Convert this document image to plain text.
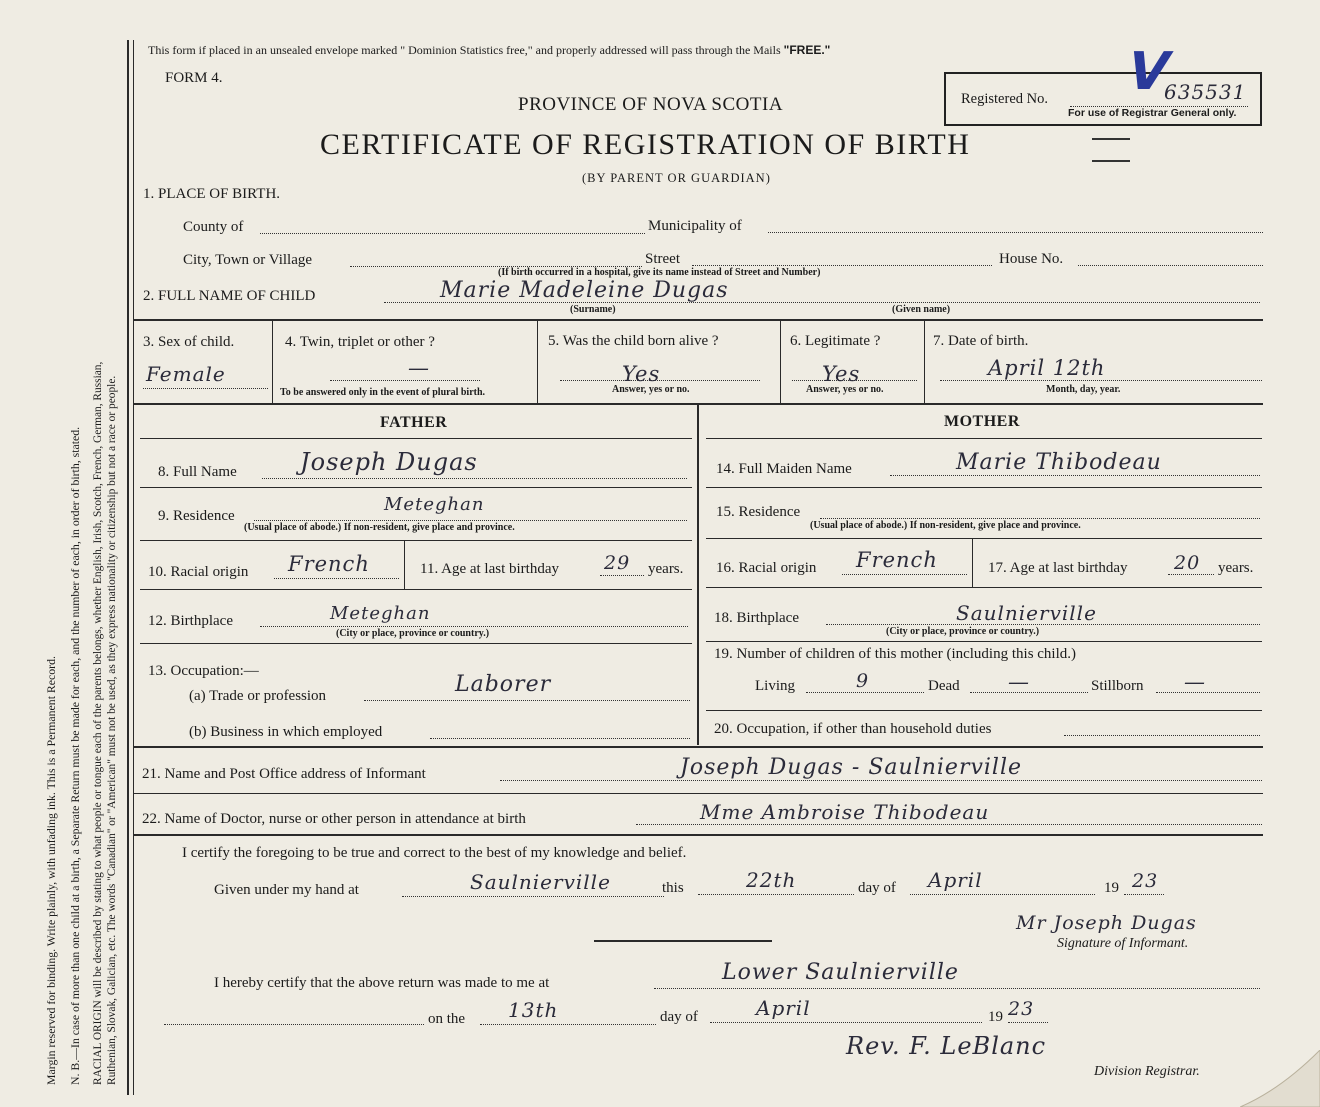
Margin reserved for binding. Write plainly, with unfading ink. This is a Permanent Record. N. B.—In case of more than one child at a birth, a Separate Return must be made for each, and the number of each, in order of birth, stated. RACIAL ORIGIN will be described by stating to what people or tongue each of the parents belongs, whether English, Irish, Scotch, French, German, Russian, Ruthenian, Slovak, Galician, etc. The words "Canadian" or "American" must not be used, as they express nationality or citizenship but not a race or people.
This form if placed in an unsealed envelope marked " Dominion Statistics free," and properly addressed will pass through the Mails "FREE."
FORM 4.
PROVINCE OF NOVA SCOTIA
CERTIFICATE OF REGISTRATION OF BIRTH
(BY PARENT OR GUARDIAN)
Registered No.
For use of Registrar General only.
V
635531
1. PLACE OF BIRTH.
County of	Municipality of
City, Town or Village	Street	House No.
(If birth occurred in a hospital, give its name instead of Street and Number)
2. FULL NAME OF CHILD	Marie Madeleine Dugas
(Surname)	(Given name)
3. Sex of child.
Female
4. Twin, triplet or other ?
—
To be answered only in the event of plural birth.
5. Was the child born alive ?
Yes
Answer, yes or no.
6. Legitimate ?
Yes
Answer, yes or no.
7. Date of birth.
April 12th
Month, day, year.
FATHER	MOTHER
8. Full Name	Joseph Dugas	14. Full Maiden Name	Marie Thibodeau
9. Residence
Meteghan
(Usual place of abode.) If non-resident, give place and province.
15. Residence
(Usual place of abode.) If non-resident, give place and province.
10. Racial origin French	11. Age at last birthday 29 years. 16. Racial origin French	17. Age at last birthday 20 years.
12. Birthplace	Meteghan
(City or place, province or country.)
18. Birthplace	Saulnierville
(City or place, province or country.)
13. Occupation:—
(a) Trade or profession	Laborer
(b) Business in which employed
19. Number of children of this mother (including this child.)
Living	9	Dead —	Stillborn —
20. Occupation, if other than household duties
21. Name and Post Office address of Informant	Joseph Dugas - Saulnierville
22. Name of Doctor, nurse or other person in attendance at birth	Mme Ambroise Thibodeau
I certify the foregoing to be true and correct to the best of my knowledge and belief.
Given under my hand at	Saulnierville	this	22th	day of April	19 23
Mr Joseph Dugas
Signature of Informant.
I hereby certify that the above return was made to me at	Lower Saulnierville
on the 13th	day of	April	19 23
Rev. F. LeBlanc
Division Registrar.
